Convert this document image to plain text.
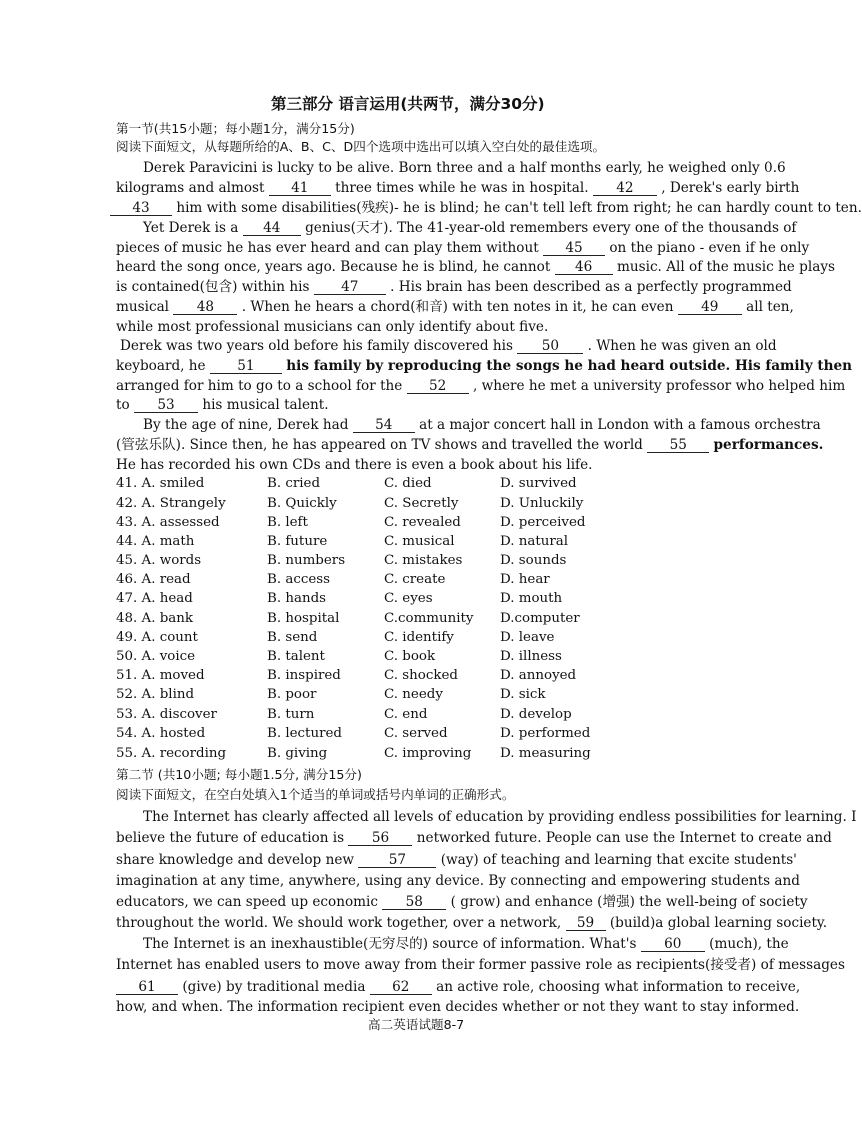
第三部分 语言运用(共两节，满分30分)
第一节(共15小题；每小题1分，满分15分)
阅读下面短文，从每题所给的A、B、C、D四个选项中选出可以填入空白处的最佳选项。
Derek Paravicini is lucky to be alive. Born three and a half months early, he weighed only 0.6
kilograms and almost 41 three times while he was in hospital. 42 , Derek's early birth
43 him with some disabilities(残疾)- he is blind; he can't tell left from right; he can hardly count to ten.
Yet Derek is a 44 genius(天才). The 41-year-old remembers every one of the thousands of
pieces of music he has ever heard and can play them without 45 on the piano - even if he only
heard the song once, years ago. Because he is blind, he cannot 46 music. All of the music he plays
is contained(包含) within his 47 . His brain has been described as a perfectly programmed
musical 48 . When he hears a chord(和音) with ten notes in it, he can even 49 all ten,
while most professional musicians can only identify about five.
Derek was two years old before his family discovered his 50 . When he was given an old
keyboard, he 51 his family by reproducing the songs he had heard outside. His family then
arranged for him to go to a school for the 52 , where he met a university professor who helped him
to 53 his musical talent.
By the age of nine, Derek had 54 at a major concert hall in London with a famous orchestra
(管弦乐队). Since then, he has appeared on TV shows and travelled the world 55 performances.
He has recorded his own CDs and there is even a book about his life.
41. A. smiled	B. cried	C. died	D. survived
42. A. Strangely	B. Quickly	C. Secretly	D. Unluckily
43. A. assessed	B. left	C. revealed	D. perceived
44. A. math	B. future	C. musical	D. natural
45. A. words	B. numbers	C. mistakes	D. sounds
46. A. read	B. access	C. create	D. hear
47. A. head	B. hands	C. eyes	D. mouth
48. A. bank	B. hospital	C.community D.computer
49. A. count	B. send	C. identify	D. leave
50. A. voice	B. talent	C. book	D. illness
51. A. moved	B. inspired	C. shocked	D. annoyed
52. A. blind	B. poor	C. needy	D. sick
53. A. discover	B. turn	C. end	D. develop
54. A. hosted	B. lectured	C. served	D. performed
55. A. recording	B. giving	C. improving D. measuring
第二节 (共10小题; 每小题1.5分, 满分15分)
阅读下面短文，在空白处填入1个适当的单词或括号内单词的正确形式。
The Internet has clearly affected all levels of education by providing endless possibilities for learning. I
believe the future of education is 56 networked future. People can use the Internet to create and
share knowledge and develop new	57	(way) of teaching and learning that excite students'
imagination at any time, anywhere, using any device. By connecting and empowering students and
educators, we can speed up economic 58 ( grow) and enhance (增强) the well-being of society
throughout the world. We should work together, over a network, 59 (build)a global learning society.
The Internet is an inexhaustible(无穷尽的) source of information. What's 60 (much), the
Internet has enabled users to move away from their former passive role as recipients(接受者) of messages
61 (give) by traditional media 62 an active role, choosing what information to receive,
how, and when. The information recipient even decides whether or not they want to stay informed.
高二英语试题8-7
